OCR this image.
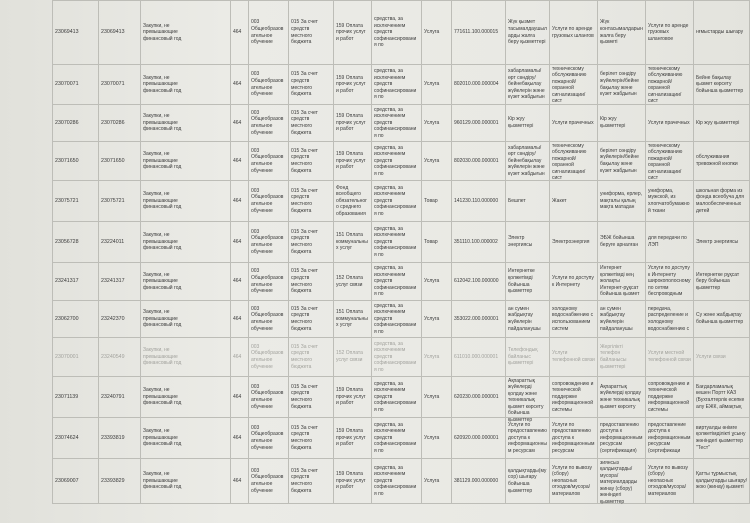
23069413	23069413	Закупки, не превышающие финансовый год	464	003 Общеобразовательное обучение	015 За счет средств местного бюджета	159 Оплата прочих услуг и работ	средства, за исключением средств софинансирования по	Услуга	771611.100.000015	Жүк қызмет тасымалдаушыларды жалға беру қызметтері	Услуги по аренде грузовых шлангов	Жүк контасымалдарын жалға беру қызметі	Услуги по аренде грузовых шланговое	нғмыстарды шығару

23070071	23070071	Закупки, не превышающие финансовый год	464	003 Общеобразовательное обучение	015 За счет средств местного бюджета	159 Оплата прочих услуг и работ	средства, за исключением средств софинансирования по	Услуга	802010.000.000004	хабарламалы/өрт сөндіру/бейнебақылау жүйелерін және күзет жабдығын	техническому обслуживанию пожарной/охранной сигнализации/сист	берілет сөндіру жүйелерін/бейне бақылау және күзет жабдығын	техническому обслуживанию пожарной/охранной сигнализации/сист	Бейне бақылау қызмет көрсету бойынша қызметтер

23070286	23070286	Закупки, не превышающие финансовый год	464	003 Общеобразовательное обучение	015 За счет средств местного бюджета	159 Оплата прочих услуг и работ	средства, за исключением средств софинансирования по	Услуга	960129.000.000001	Кір жуу қызметтері	Услуги прачечных	Кір жуу қызметтері	Услуги прачечных	Кір жуу қызметтері

23071650	23071650	Закупки, не превышающие финансовый год	464	003 Общеобразовательное обучение	015 За счет средств местного бюджета	159 Оплата прочих услуг и работ	средства, за исключением средств софинансирования по	Услуга	802030.000.000001	хабарламалы/өрт сөндіру/бейнебақылау жүйелерін және күзет жабдығын	техническому обслуживанию пожарной/охранной сигнализации/сист	берілет сөндіру жүйелерін/бейне бақылау және күзет жабдығын	техническому обслуживанию пожарной/охранной сигнализации/сист	обслуживания тревожной кнопки

23075721	23075721	Закупки, не превышающие финансовый год	464	003 Общеобразовательное обучение	015 За счет средств местного бюджета	Фонд всеобщего обязательного среднего образования	средства, за исключением средств софинансирования по	Товар	141230.110.000000	Бешпет	Жакет	униформа, ерлер, мақталы қалың мақта матадан	униформа, мужской, из хлопчатобумажной ткани	школьная форма из фонда всеобуча для малообеспеченных детей

23056728	23224011	Закупки, не превышающие финансовый год	464	003 Общеобразовательное обучение	015 За счет средств местного бюджета	151 Оплата коммунальных услуг	средства, за исключением средств софинансирования по	Товар	351110.100.000002	Электр энергиясы	Электроэнергия	ЭБЖ бойынша беруге арналған	для передачи по ЛЭП	Электр энергиясы

23241317	23241317	Закупки, не превышающие финансовый год	464	003 Общеобразовательное обучение	015 За счет средств местного бюджета	152 Оплата услуг связи	средства, за исключением средств софинансирования по	Услуга	612042.100.000000	Интернетке қолжетімді бойынша қызметтер	Услуги по доступу к Интернету	Интернет қолжетімді кең жолақты Интернет-рұқсат бойынша қызмет	Услуги по доступу к Интернету широкополосному по сетям беспроводным	Интернетке рұқсат беру бойынша қызметтер

23062700	23242370	Закупки, не превышающие финансовый год	464	003 Общеобразовательное обучение	015 За счет средств местного бюджета	151 Оплата коммунальных услуг	средства, за исключением средств софинансирования по	Услуга	353022.000.000001	ан сумен жабдықтау жүйелерін пайдаланушы	холодному водоснабжению с использованием систем	ан сумен жабдықтау жүйелерін пайдаланушы	передача, распределение и холодному водоснабжению с	Су және жабдықтау бойынша қызметтер

23070001	23240549	Закупки, не превышающие финансовый год	464	003 Общеобразовательное обучение	015 За счет средств местного бюджета	152 Оплата услуг связи	средства, за исключением средств софинансирования по	Услуга	611010.000.000001	Телефондық байланыс қызметтері	Услуги телефонной связи	Жергілікті телефон байланысы қызметтері	Услуги местной телефонной связи	Услуги связи

23071139	23240791	Закупки, не превышающие финансовый год	464	003 Общеобразовательное обучение	015 За счет средств местного бюджета	159 Оплата прочих услуг и работ	средства, за исключением средств софинансирования по	Услуга	620230.000.000001	Ақпараттық жүйелерді қолдау және техникалық қызмет көрсету бойынша қызметтер	сопровождению и технической поддержке информационной системы	Ақпараттық жүйелерді қолдау және техникалық қызмет көрсету	сопровождению и технической поддержке информационной системы	Бағдарламалық кешен Портт КАЗ (Бухгалтерлік есепке алу ЕЖК, аймақтық

23074624	23393819	Закупки, не превышающие финансовый год	464	003 Общеобразовательное обучение	015 За счет средств местного бюджета	159 Оплата прочих услуг и работ	средства, за исключением средств софинансирования по	Услуга	620920.000.000001	Услуги по предоставлению доступа к информационным ресурсам	Услуги по предоставлению доступа к информационным ресурсам	предоставлению доступа к информационным ресурсам (сертификация)	предоставление доступа к информационным ресурсам (сертификаци	виртуалды өнімге қолжетімділікті ұсыну жөніндегі қызметтер "Тест"

23069007	23393829	Закупки, не превышающие финансовый год	464	003 Общеобразовательное обучение	015 За счет средств местного бюджета	159 Оплата прочих услуг и работ	средства, за исключением средств софинансирования по	Услуга	381129.000.000000	қалдықтарды(мусор) шығару бойынша қызметтер	Услуги по вывозу (сбору) неопасных отходов/мусора/материалов	зиянсыз қалдықтарды/мусора/материалдарды жинау (сбору) жөніндегі қызметтер	Услуги по вывозу (сбору) неопасных отходов/мусора/материалов	Қатты тұрмыстық қалдықтарды шығару/жою (жинау) қызметі
